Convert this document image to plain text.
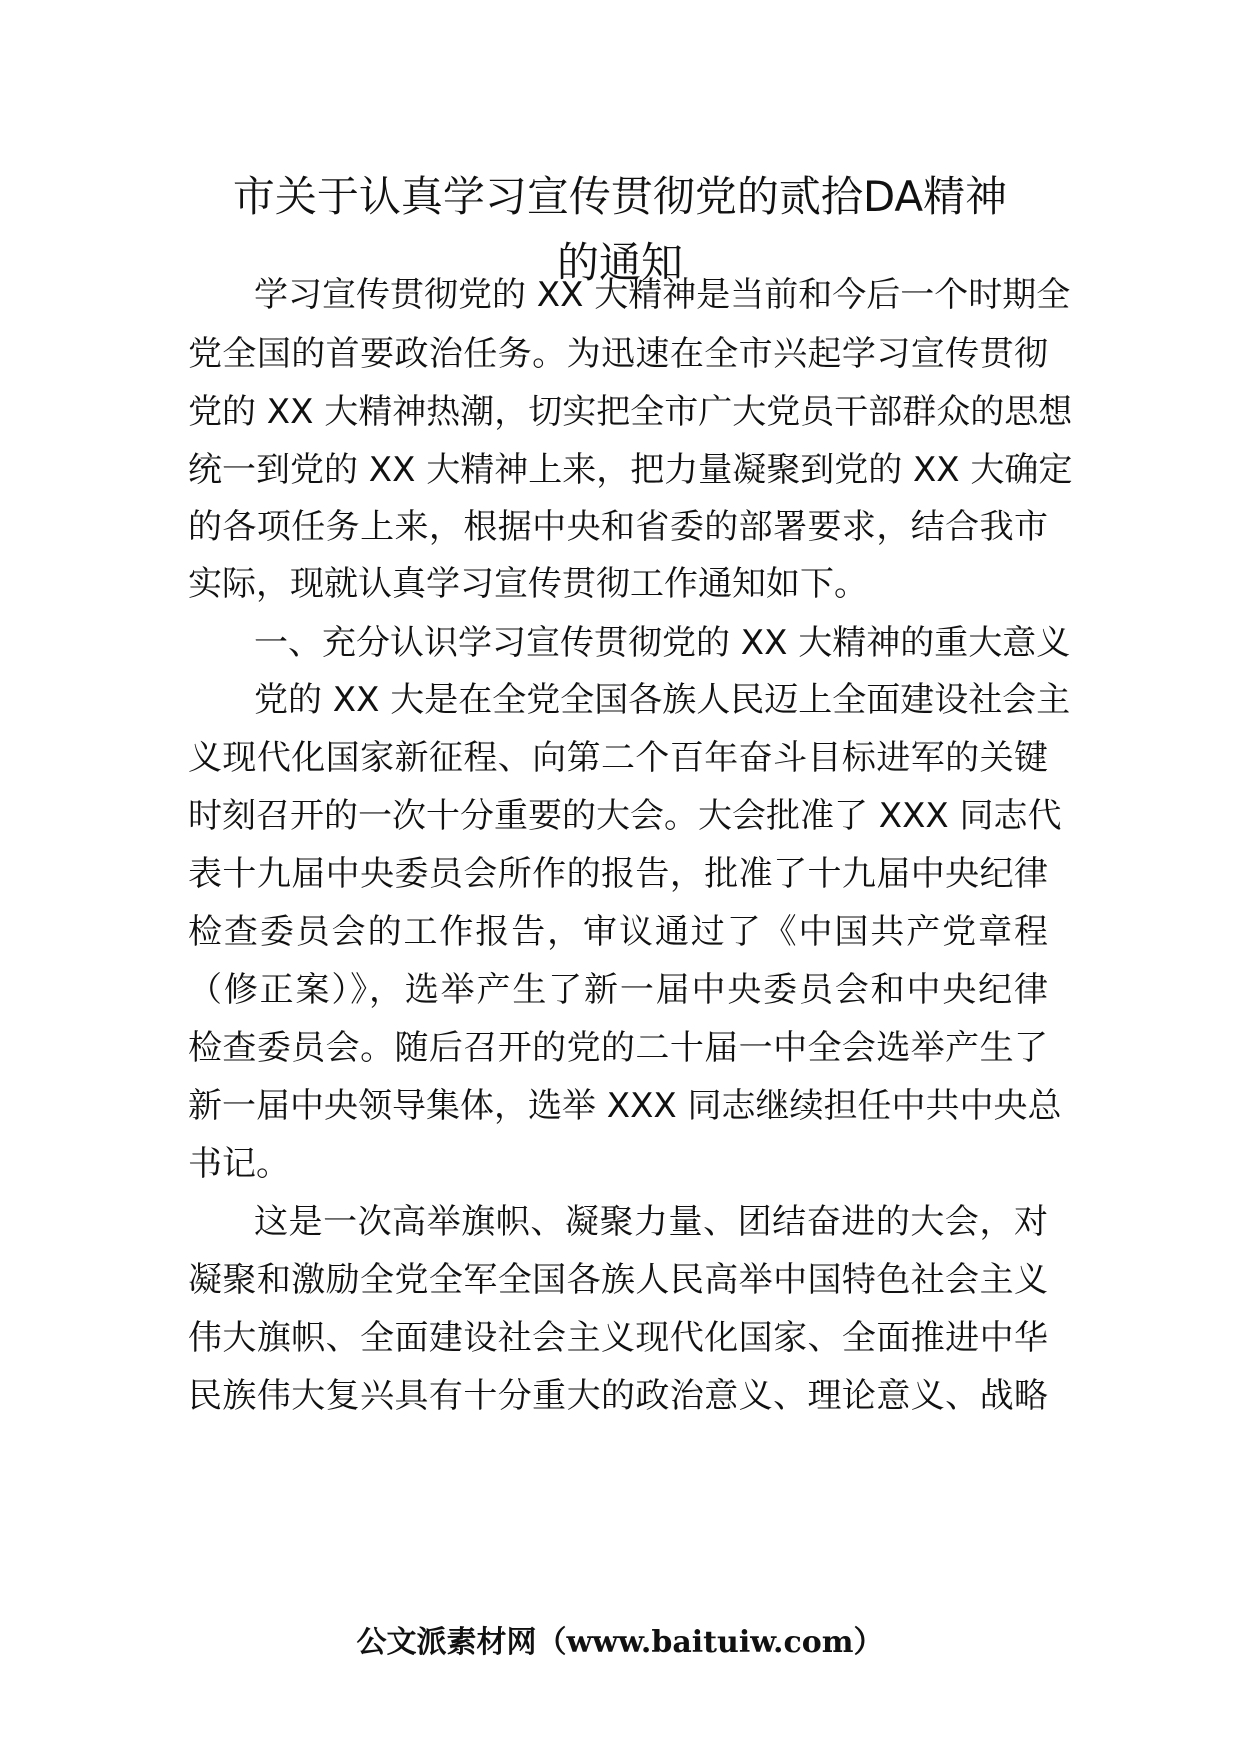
市关于认真学习宣传贯彻党的贰拾DA精神
的通知
学习宣传贯彻党的 XX 大精神是当前和今后一个时期全
党全国的首要政治任务。为迅速在全市兴起学习宣传贯彻
党的 XX 大精神热潮，切实把全市广大党员干部群众的思想
统一到党的 XX 大精神上来，把力量凝聚到党的 XX 大确定
的各项任务上来，根据中央和省委的部署要求，结合我市
实际，现就认真学习宣传贯彻工作通知如下。
一、充分认识学习宣传贯彻党的 XX 大精神的重大意义
党的 XX 大是在全党全国各族人民迈上全面建设社会主
义现代化国家新征程、向第二个百年奋斗目标进军的关键
时刻召开的一次十分重要的大会。大会批准了 XXX 同志代
表十九届中央委员会所作的报告，批准了十九届中央纪律
检查委员会的工作报告，审议通过了《中国共产党章程
（修正案）》，选举产生了新一届中央委员会和中央纪律
检查委员会。随后召开的党的二十届一中全会选举产生了
新一届中央领导集体，选举 XXX 同志继续担任中共中央总
书记。
这是一次高举旗帜、凝聚力量、团结奋进的大会，对
凝聚和激励全党全军全国各族人民高举中国特色社会主义
伟大旗帜、全面建设社会主义现代化国家、全面推进中华
民族伟大复兴具有十分重大的政治意义、理论意义、战略
公文派素材网（www.baituiw.com）
